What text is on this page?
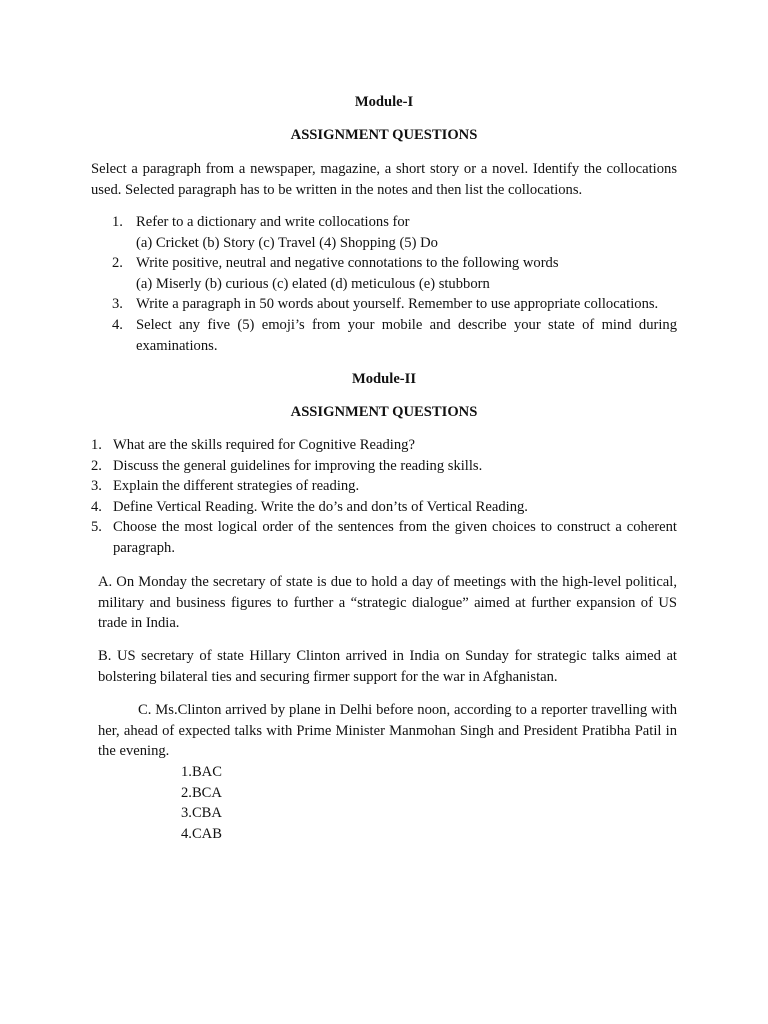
Module-I

ASSIGNMENT QUESTIONS

Select a paragraph from a newspaper, magazine, a short story or a novel. Identify the collocations used. Selected paragraph has to be written in the notes and then list the collocations.

1. Refer to a dictionary and write collocations for
(a) Cricket (b) Story (c) Travel (4) Shopping (5) Do
2. Write positive, neutral and negative connotations to the following words
(a) Miserly (b) curious (c) elated (d) meticulous (e) stubborn
3. Write a paragraph in 50 words about yourself. Remember to use appropriate collocations.
4. Select any five (5) emoji’s from your mobile and describe your state of mind during examinations.

Module-II

ASSIGNMENT QUESTIONS

1. What are the skills required for Cognitive Reading?
2. Discuss the general guidelines for improving the reading skills.
3. Explain the different strategies of reading.
4. Define Vertical Reading. Write the do’s and don’ts of Vertical Reading.
5. Choose the most logical order of the sentences from the given choices to construct a coherent paragraph.

A. On Monday the secretary of state is due to hold a day of meetings with the high-level political, military and business figures to further a “strategic dialogue” aimed at further expansion of US trade in India.

B. US secretary of state Hillary Clinton arrived in India on Sunday for strategic talks aimed at bolstering bilateral ties and securing firmer support for the war in Afghanistan.

C. Ms.Clinton arrived by plane in Delhi before noon, according to a reporter travelling with her, ahead of expected talks with Prime Minister Manmohan Singh and President Pratibha Patil in the evening.

1.BAC
2.BCA
3.CBA
4.CAB
